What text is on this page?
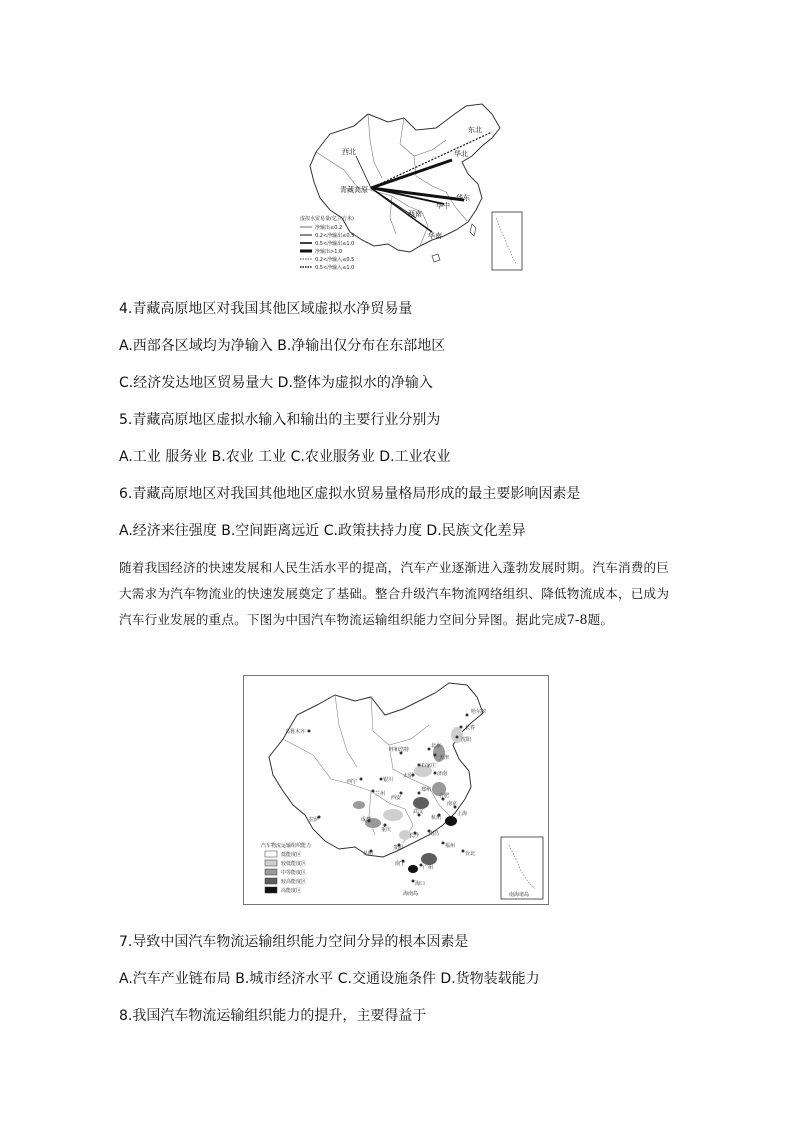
西北
东北
华北
青藏高原
华中
华东
西南
华南
虚拟水贸易量(亿立方米)
净输出≤0.2
0.2<净输出≤0.5
0.5<净输出≤1.0
净输出>1.0
0.2<净输入≤0.5
0.5<净输入≤1.0
4.青藏高原地区对我国其他区域虚拟水净贸易量
A.西部各区域均为净输入 B.净输出仅分布在东部地区
C.经济发达地区贸易量大 D.整体为虚拟水的净输入
5.青藏高原地区虚拟水输入和输出的主要行业分别为
A.工业 服务业 B.农业 工业 C.农业服务业 D.工业农业
6.青藏高原地区对我国其他地区虚拟水贸易量格局形成的最主要影响因素是
A.经济来往强度 B.空间距离远近 C.政策扶持力度 D.民族文化差异
随着我国经济的快速发展和人民生活水平的提高，汽车产业逐渐进入蓬勃发展时期。汽车消费的巨大需求为汽车物流业的快速发展奠定了基础。整合升级汽车物流网络组织、降低物流成本，已成为汽车行业发展的重点。下图为中国汽车物流运输组织能力空间分异图。据此完成7-8题。
乌鲁木齐
哈尔滨
长春
沈阳
北京
天津
呼和浩特
石家庄
太原	济南
银川
西宁
兰州
西安
郑州
合肥
南京
上海
杭州
武汉
成都
重庆
拉萨
长沙 南昌
福州
贵阳
昆明
南宁
广州
台北
海口
海南岛
汽车物流运输组织能力
低能度区
较低能度区
中等能度区
较高能度区
高能度区
南海诸岛
7.导致中国汽车物流运输组织能力空间分异的根本因素是
A.汽车产业链布局 B.城市经济水平 C.交通设施条件 D.货物装载能力
8.我国汽车物流运输组织能力的提升，主要得益于
